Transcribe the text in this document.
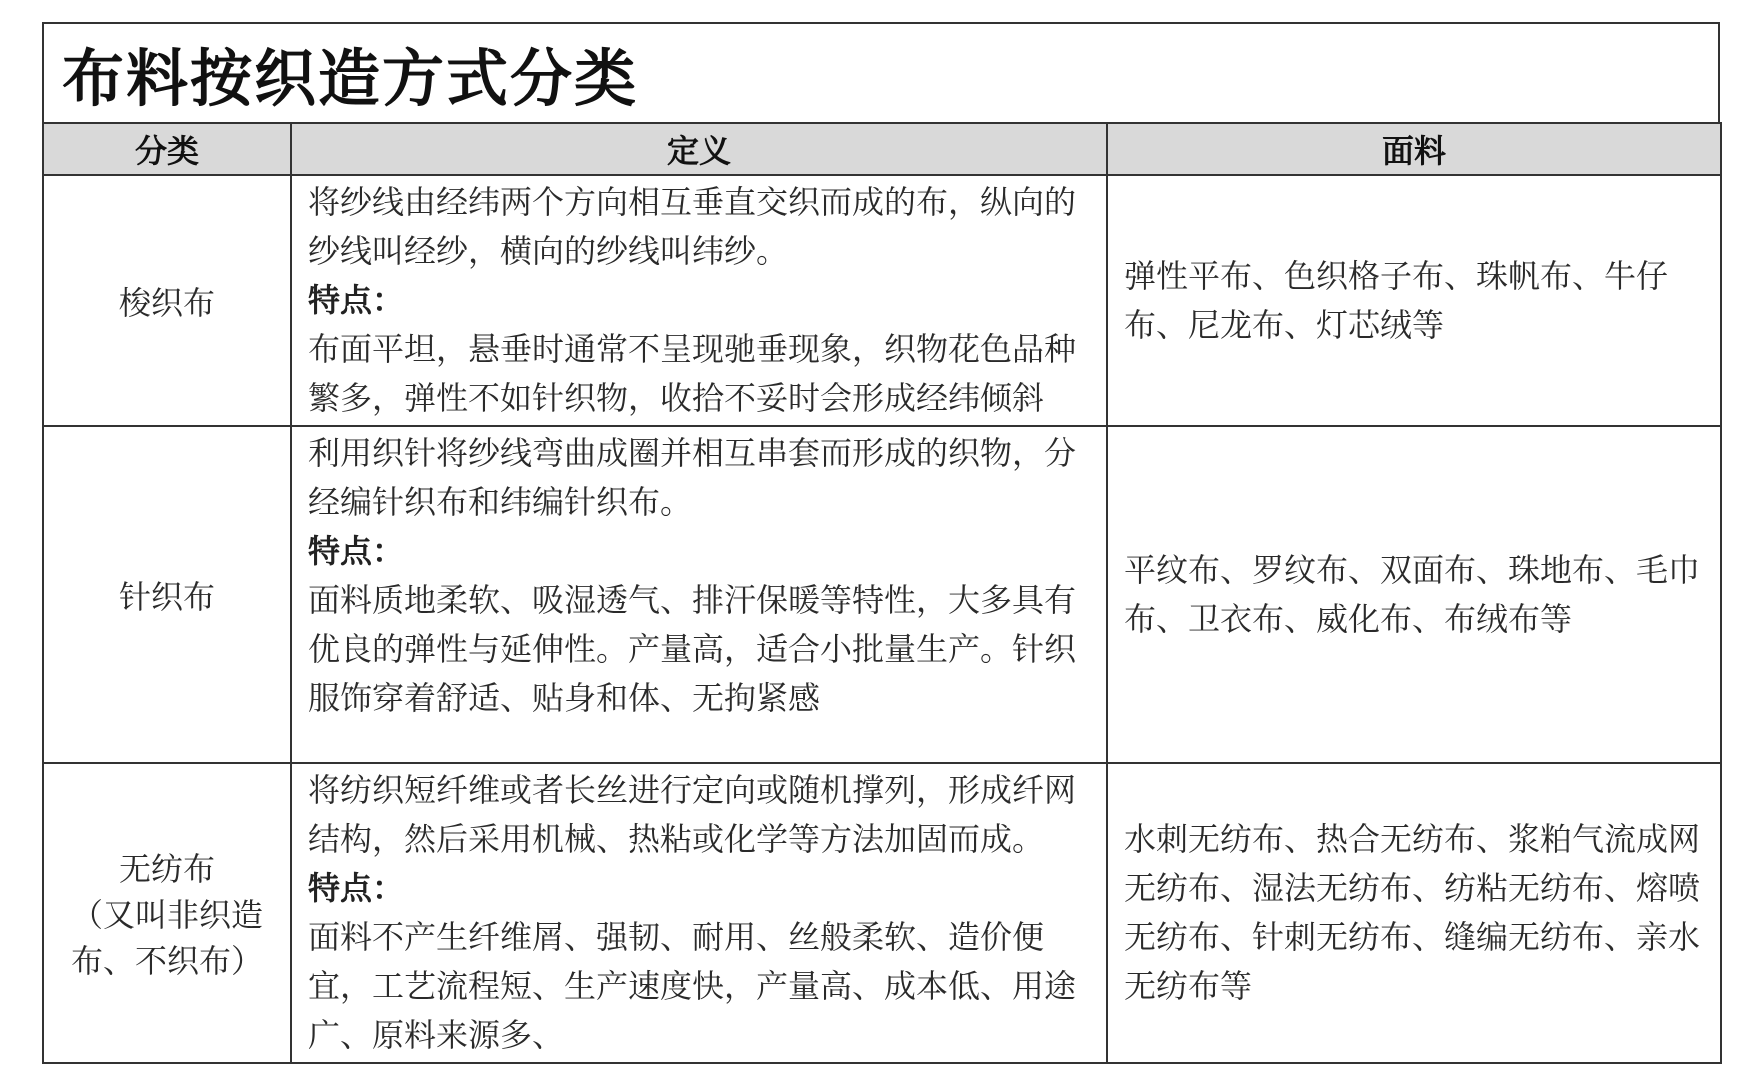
布料按织造方式分类
分类	定义	面料
梭织布	将纱线由经纬两个方向相互垂直交织而成的布，纵向的纱线叫经纱，横向的纱线叫纬纱。
特点：
布面平坦，悬垂时通常不呈现驰垂现象，织物花色品种繁多，弹性不如针织物，收拾不妥时会形成经纬倾斜	弹性平布、色织格子布、珠帆布、牛仔布、尼龙布、灯芯绒等
针织布	利用织针将纱线弯曲成圈并相互串套而形成的织物，分经编针织布和纬编针织布。
特点：
面料质地柔软、吸湿透气、排汗保暖等特性，大多具有优良的弹性与延伸性。产量高，适合小批量生产。针织服饰穿着舒适、贴身和体、无拘紧感	平纹布、罗纹布、双面布、珠地布、毛巾布、卫衣布、威化布、布绒布等

无纺布
（又叫非织造布、不织布）	将纺织短纤维或者长丝进行定向或随机撑列，形成纤网结构，然后采用机械、热粘或化学等方法加固而成。
特点：
面料不产生纤维屑、强韧、耐用、丝般柔软、造价便宜，工艺流程短、生产速度快，产量高、成本低、用途广、原料来源多、	水刺无纺布、热合无纺布、浆粕气流成网无纺布、湿法无纺布、纺粘无纺布、熔喷无纺布、针刺无纺布、缝编无纺布、亲水无纺布等
